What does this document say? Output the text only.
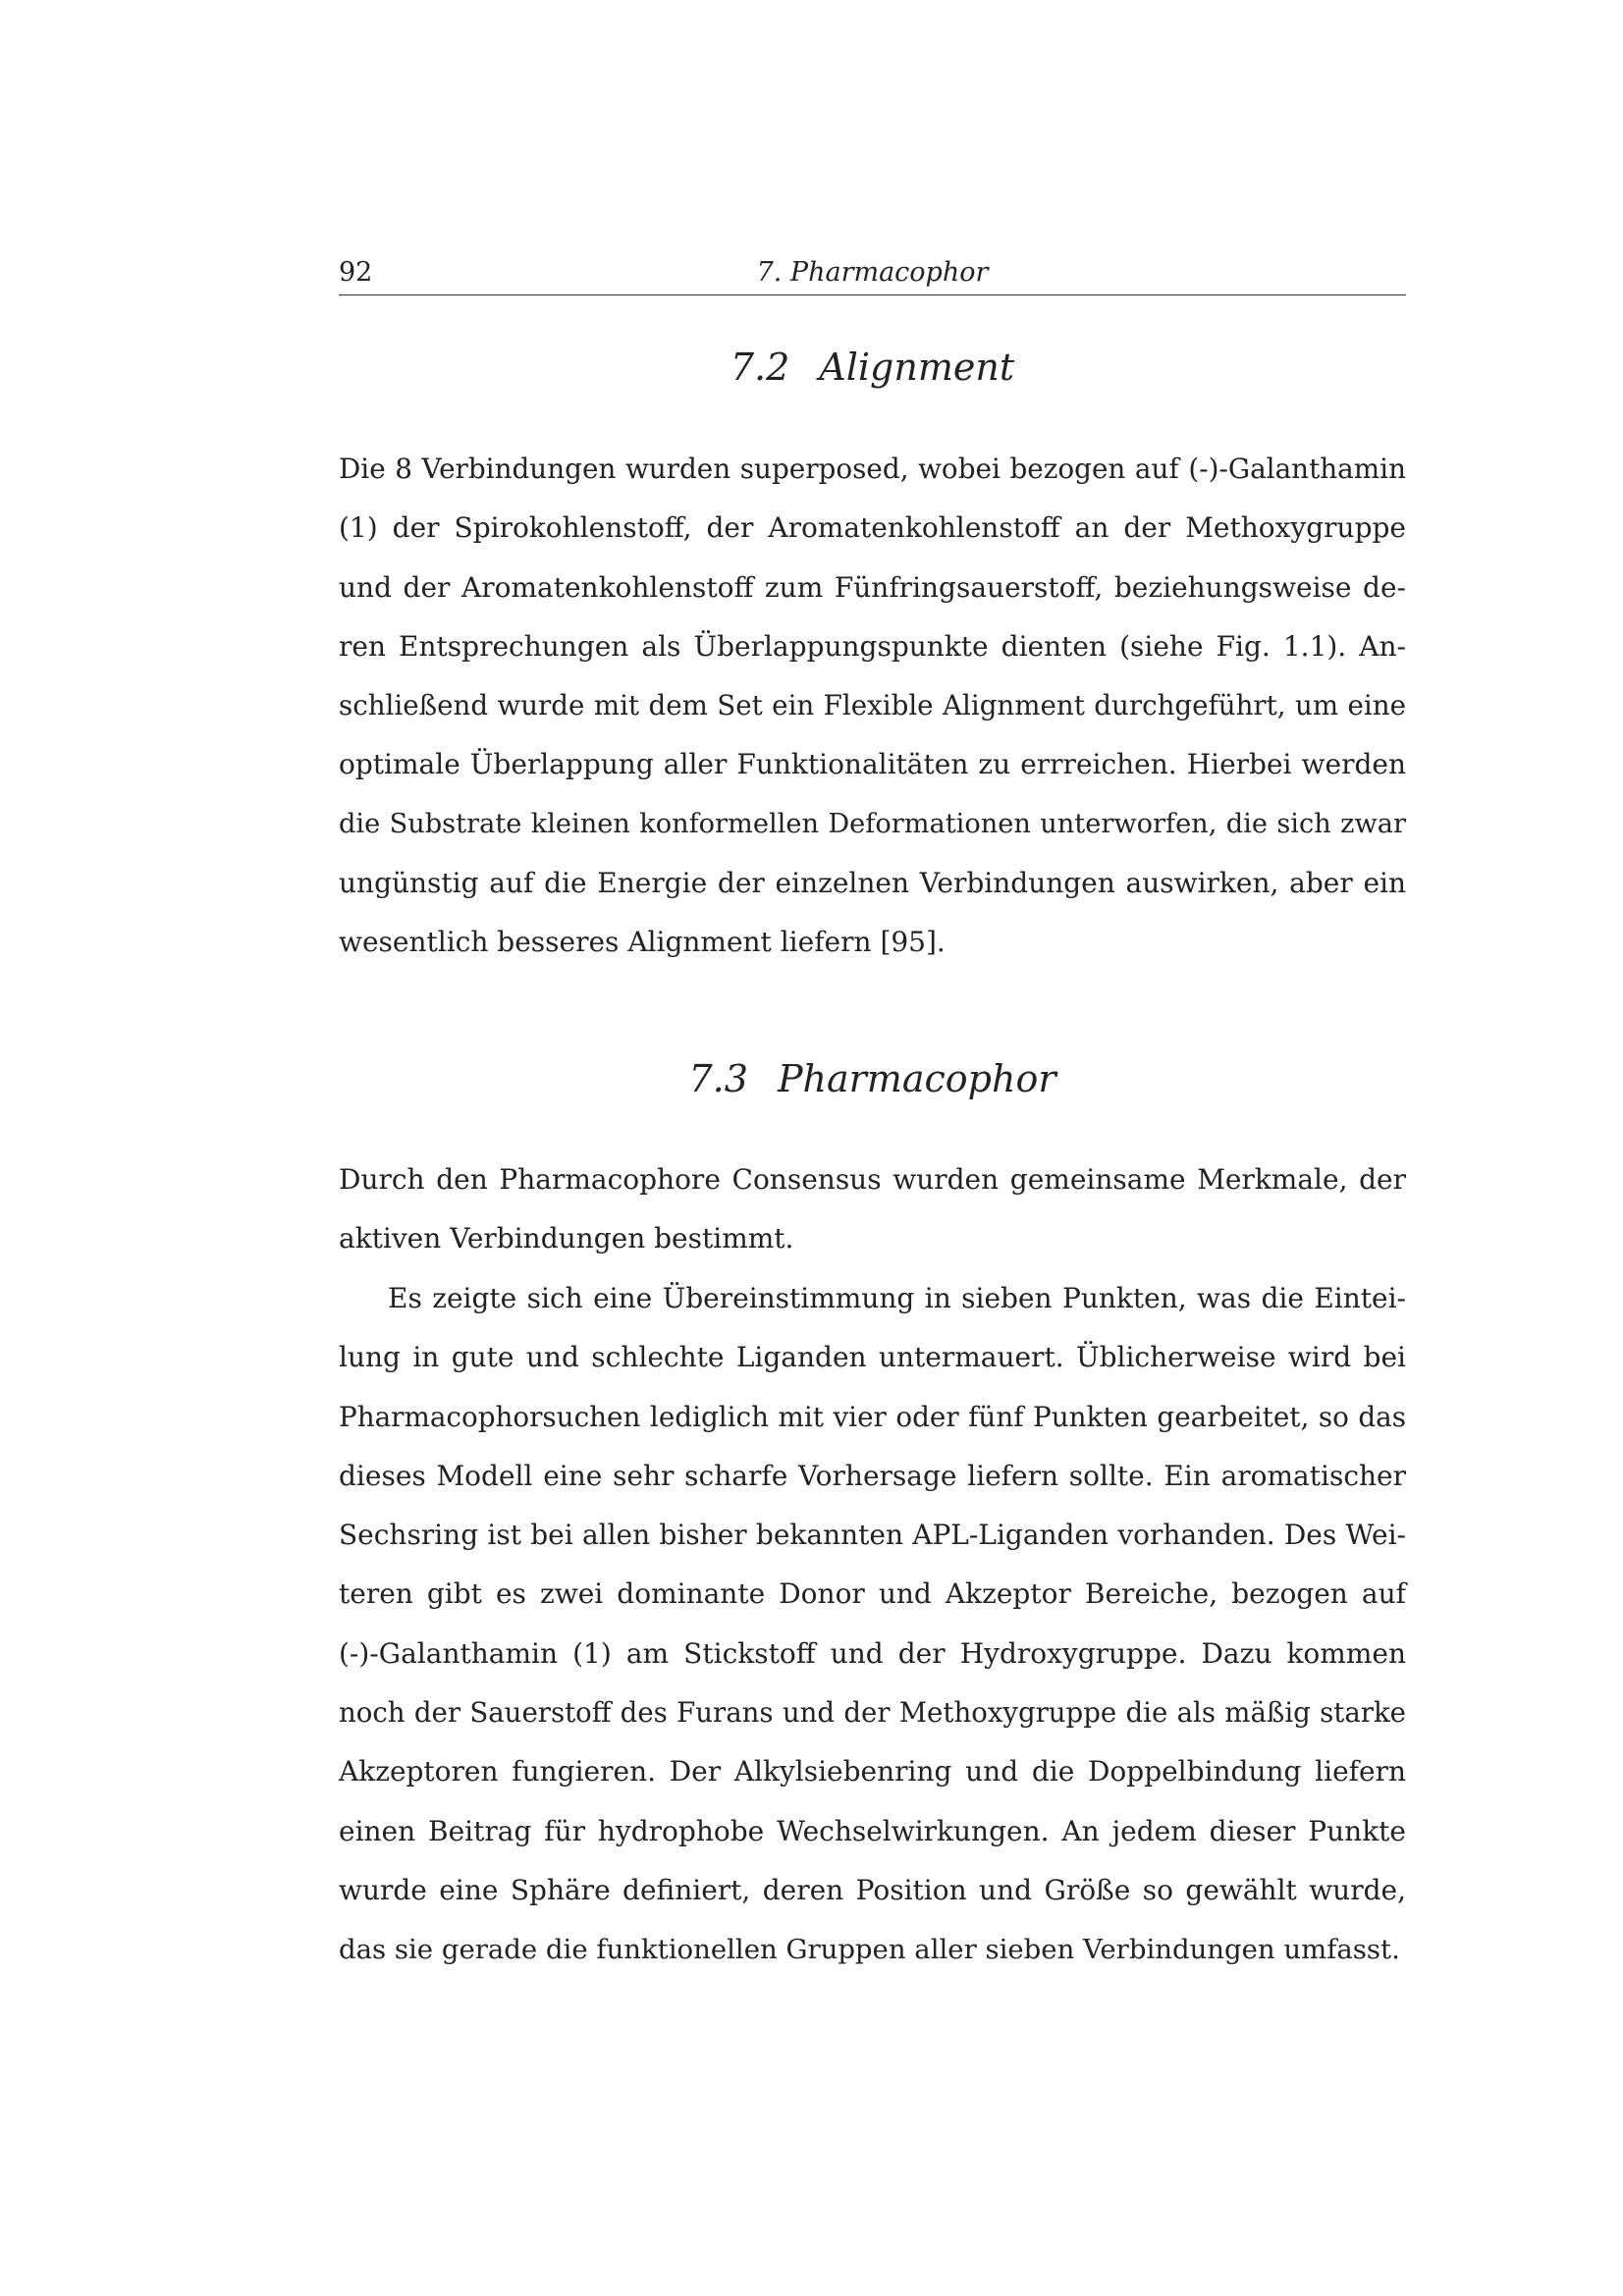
92	7. Pharmacophor
7.2 Alignment
Die 8 Verbindungen wurden superposed, wobei bezogen auf (-)-Galanthamin
(1) der Spirokohlenstoff, der Aromatenkohlenstoff an der Methoxygruppe
und der Aromatenkohlenstoff zum Fünfringsauerstoff, beziehungsweise de-
ren Entsprechungen als Überlappungspunkte dienten (siehe Fig. 1.1). An-
schließend wurde mit dem Set ein Flexible Alignment durchgeführt, um eine
optimale Überlappung aller Funktionalitäten zu errreichen. Hierbei werden
die Substrate kleinen konformellen Deformationen unterworfen, die sich zwar
ungünstig auf die Energie der einzelnen Verbindungen auswirken, aber ein
wesentlich besseres Alignment liefern [95].
7.3 Pharmacophor
Durch den Pharmacophore Consensus wurden gemeinsame Merkmale, der
aktiven Verbindungen bestimmt.
Es zeigte sich eine Übereinstimmung in sieben Punkten, was die Eintei-
lung in gute und schlechte Liganden untermauert. Üblicherweise wird bei
Pharmacophorsuchen lediglich mit vier oder fünf Punkten gearbeitet, so das
dieses Modell eine sehr scharfe Vorhersage liefern sollte. Ein aromatischer
Sechsring ist bei allen bisher bekannten APL-Liganden vorhanden. Des Wei-
teren gibt es zwei dominante Donor und Akzeptor Bereiche, bezogen auf
(-)-Galanthamin (1) am Stickstoff und der Hydroxygruppe. Dazu kommen
noch der Sauerstoff des Furans und der Methoxygruppe die als mäßig starke
Akzeptoren fungieren. Der Alkylsiebenring und die Doppelbindung liefern
einen Beitrag für hydrophobe Wechselwirkungen. An jedem dieser Punkte
wurde eine Sphäre definiert, deren Position und Größe so gewählt wurde,
das sie gerade die funktionellen Gruppen aller sieben Verbindungen umfasst.
